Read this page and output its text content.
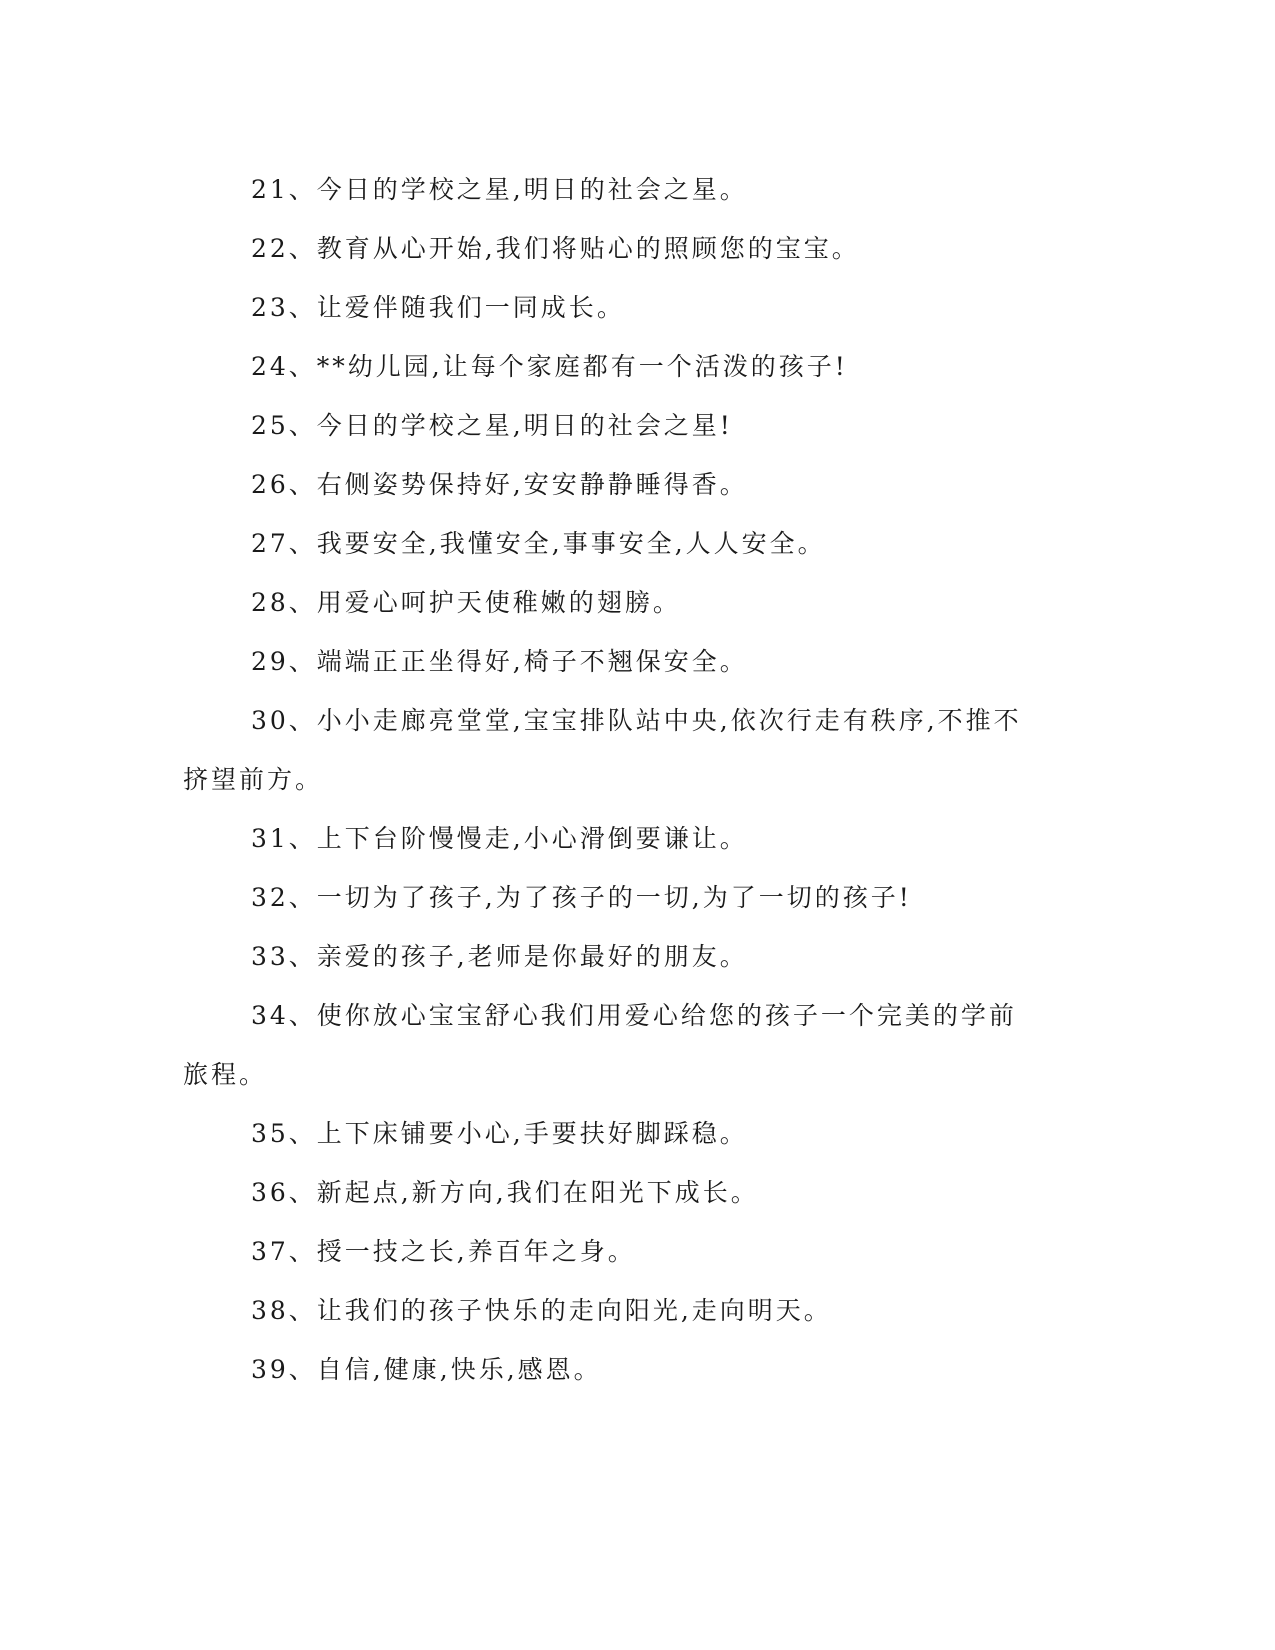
21、今日的学校之星,明日的社会之星。

22、教育从心开始,我们将贴心的照顾您的宝宝。

23、让爱伴随我们一同成长。

24、**幼儿园,让每个家庭都有一个活泼的孩子!

25、今日的学校之星,明日的社会之星!

26、右侧姿势保持好,安安静静睡得香。

27、我要安全,我懂安全,事事安全,人人安全。

28、用爱心呵护天使稚嫩的翅膀。

29、端端正正坐得好,椅子不翘保安全。

30、小小走廊亮堂堂,宝宝排队站中央,依次行走有秩序,不推不挤望前方。

31、上下台阶慢慢走,小心滑倒要谦让。

32、一切为了孩子,为了孩子的一切,为了一切的孩子!

33、亲爱的孩子,老师是你最好的朋友。

34、使你放心宝宝舒心我们用爱心给您的孩子一个完美的学前旅程。

35、上下床铺要小心,手要扶好脚踩稳。

36、新起点,新方向,我们在阳光下成长。

37、授一技之长,养百年之身。

38、让我们的孩子快乐的走向阳光,走向明天。

39、自信,健康,快乐,感恩。
